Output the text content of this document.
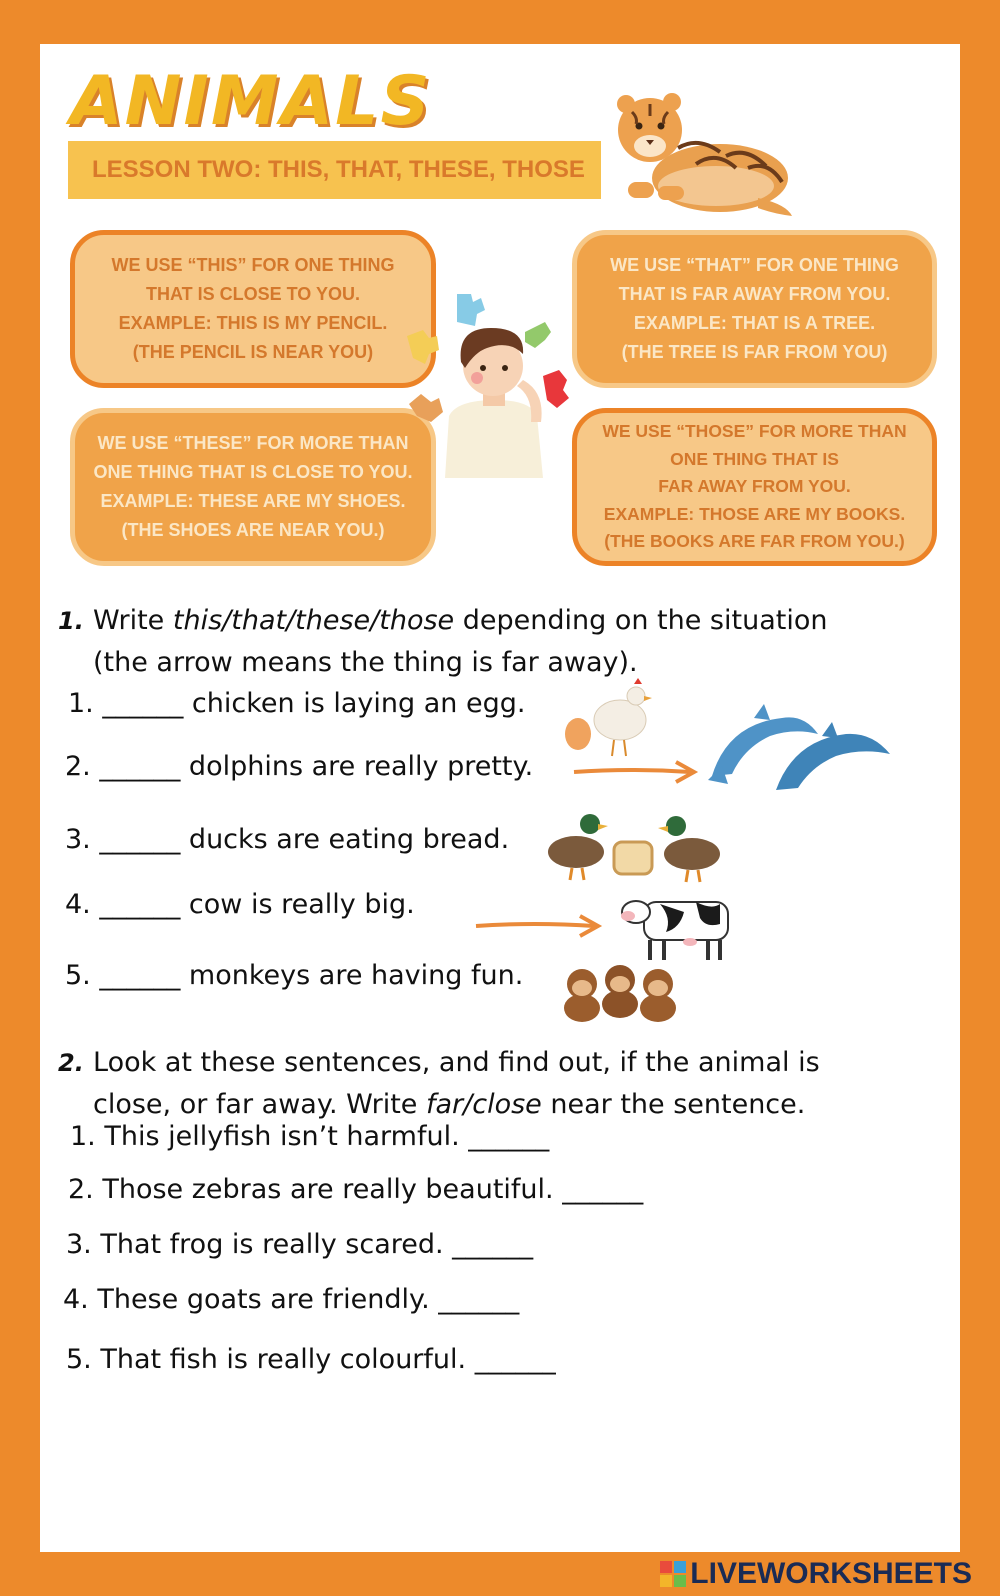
ANIMALS
LESSON TWO: THIS, THAT, THESE, THOSE
WE USE “THIS” FOR ONE THING
THAT IS CLOSE TO YOU.
EXAMPLE: THIS IS MY PENCIL.
(THE PENCIL IS NEAR YOU)
WE USE “THAT” FOR ONE THING
THAT IS FAR AWAY FROM YOU.
EXAMPLE: THAT IS A TREE.
(THE TREE IS FAR FROM YOU)
WE USE “THESE” FOR MORE THAN
ONE THING THAT IS CLOSE TO YOU.
EXAMPLE: THESE ARE MY SHOES.
(THE SHOES ARE NEAR YOU.)
WE USE “THOSE” FOR MORE THAN
ONE THING THAT IS
FAR AWAY FROM YOU.
EXAMPLE: THOSE ARE MY BOOKS.
(THE BOOKS ARE FAR FROM YOU.)
1. Write this/that/these/those depending on the situation
(the arrow means the thing is far away).
1. ______ chicken is laying an egg.
2. ______ dolphins are really pretty.
3. ______ ducks are eating bread.
4. ______ cow is really big.
5. ______ monkeys are having fun.
2. Look at these sentences, and find out, if the animal is
close, or far away. Write far/close near the sentence.
1. This jellyfish isn’t harmful. ______
2. Those zebras are really beautiful. ______
3. That frog is really scared. ______
4. These goats are friendly. ______
5. That fish is really colourful. ______
LIVEWORKSHEETS
